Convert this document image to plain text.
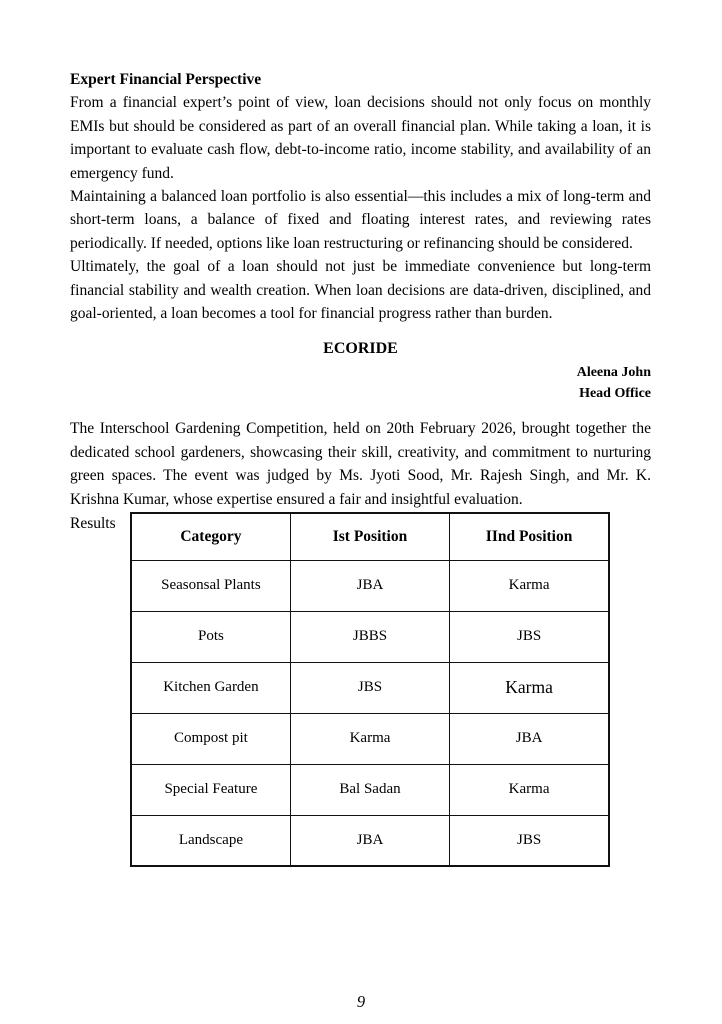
Expert Financial Perspective

From a financial expert’s point of view, loan decisions should not only focus on monthly EMIs but should be considered as part of an overall financial plan. While taking a loan, it is important to evaluate cash flow, debt-to-income ratio, income stability, and availability of an emergency fund.

Maintaining a balanced loan portfolio is also essential—this includes a mix of long-term and short-term loans, a balance of fixed and floating interest rates, and reviewing rates periodically. If needed, options like loan restructuring or refinancing should be considered.

Ultimately, the goal of a loan should not just be immediate convenience but long-term financial stability and wealth creation. When loan decisions are data-driven, disciplined, and goal-oriented, a loan becomes a tool for financial progress rather than burden.

ECORIDE
Aleena John
Head Office

The Interschool Gardening Competition, held on 20th February 2026, brought together the dedicated school gardeners, showcasing their skill, creativity, and commitment to nurturing green spaces. The event was judged by Ms. Jyoti Sood, Mr. Rajesh Singh, and Mr. K. Krishna Kumar, whose expertise ensured a fair and insightful evaluation.

Results
Category	Ist Position	IInd Position
Seasonsal Plants	JBA	Karma
Pots	JBBS	JBS
Kitchen Garden	JBS	Karma
Compost pit	Karma	JBA
Special Feature	Bal Sadan	Karma
Landscape	JBA	JBS
9
